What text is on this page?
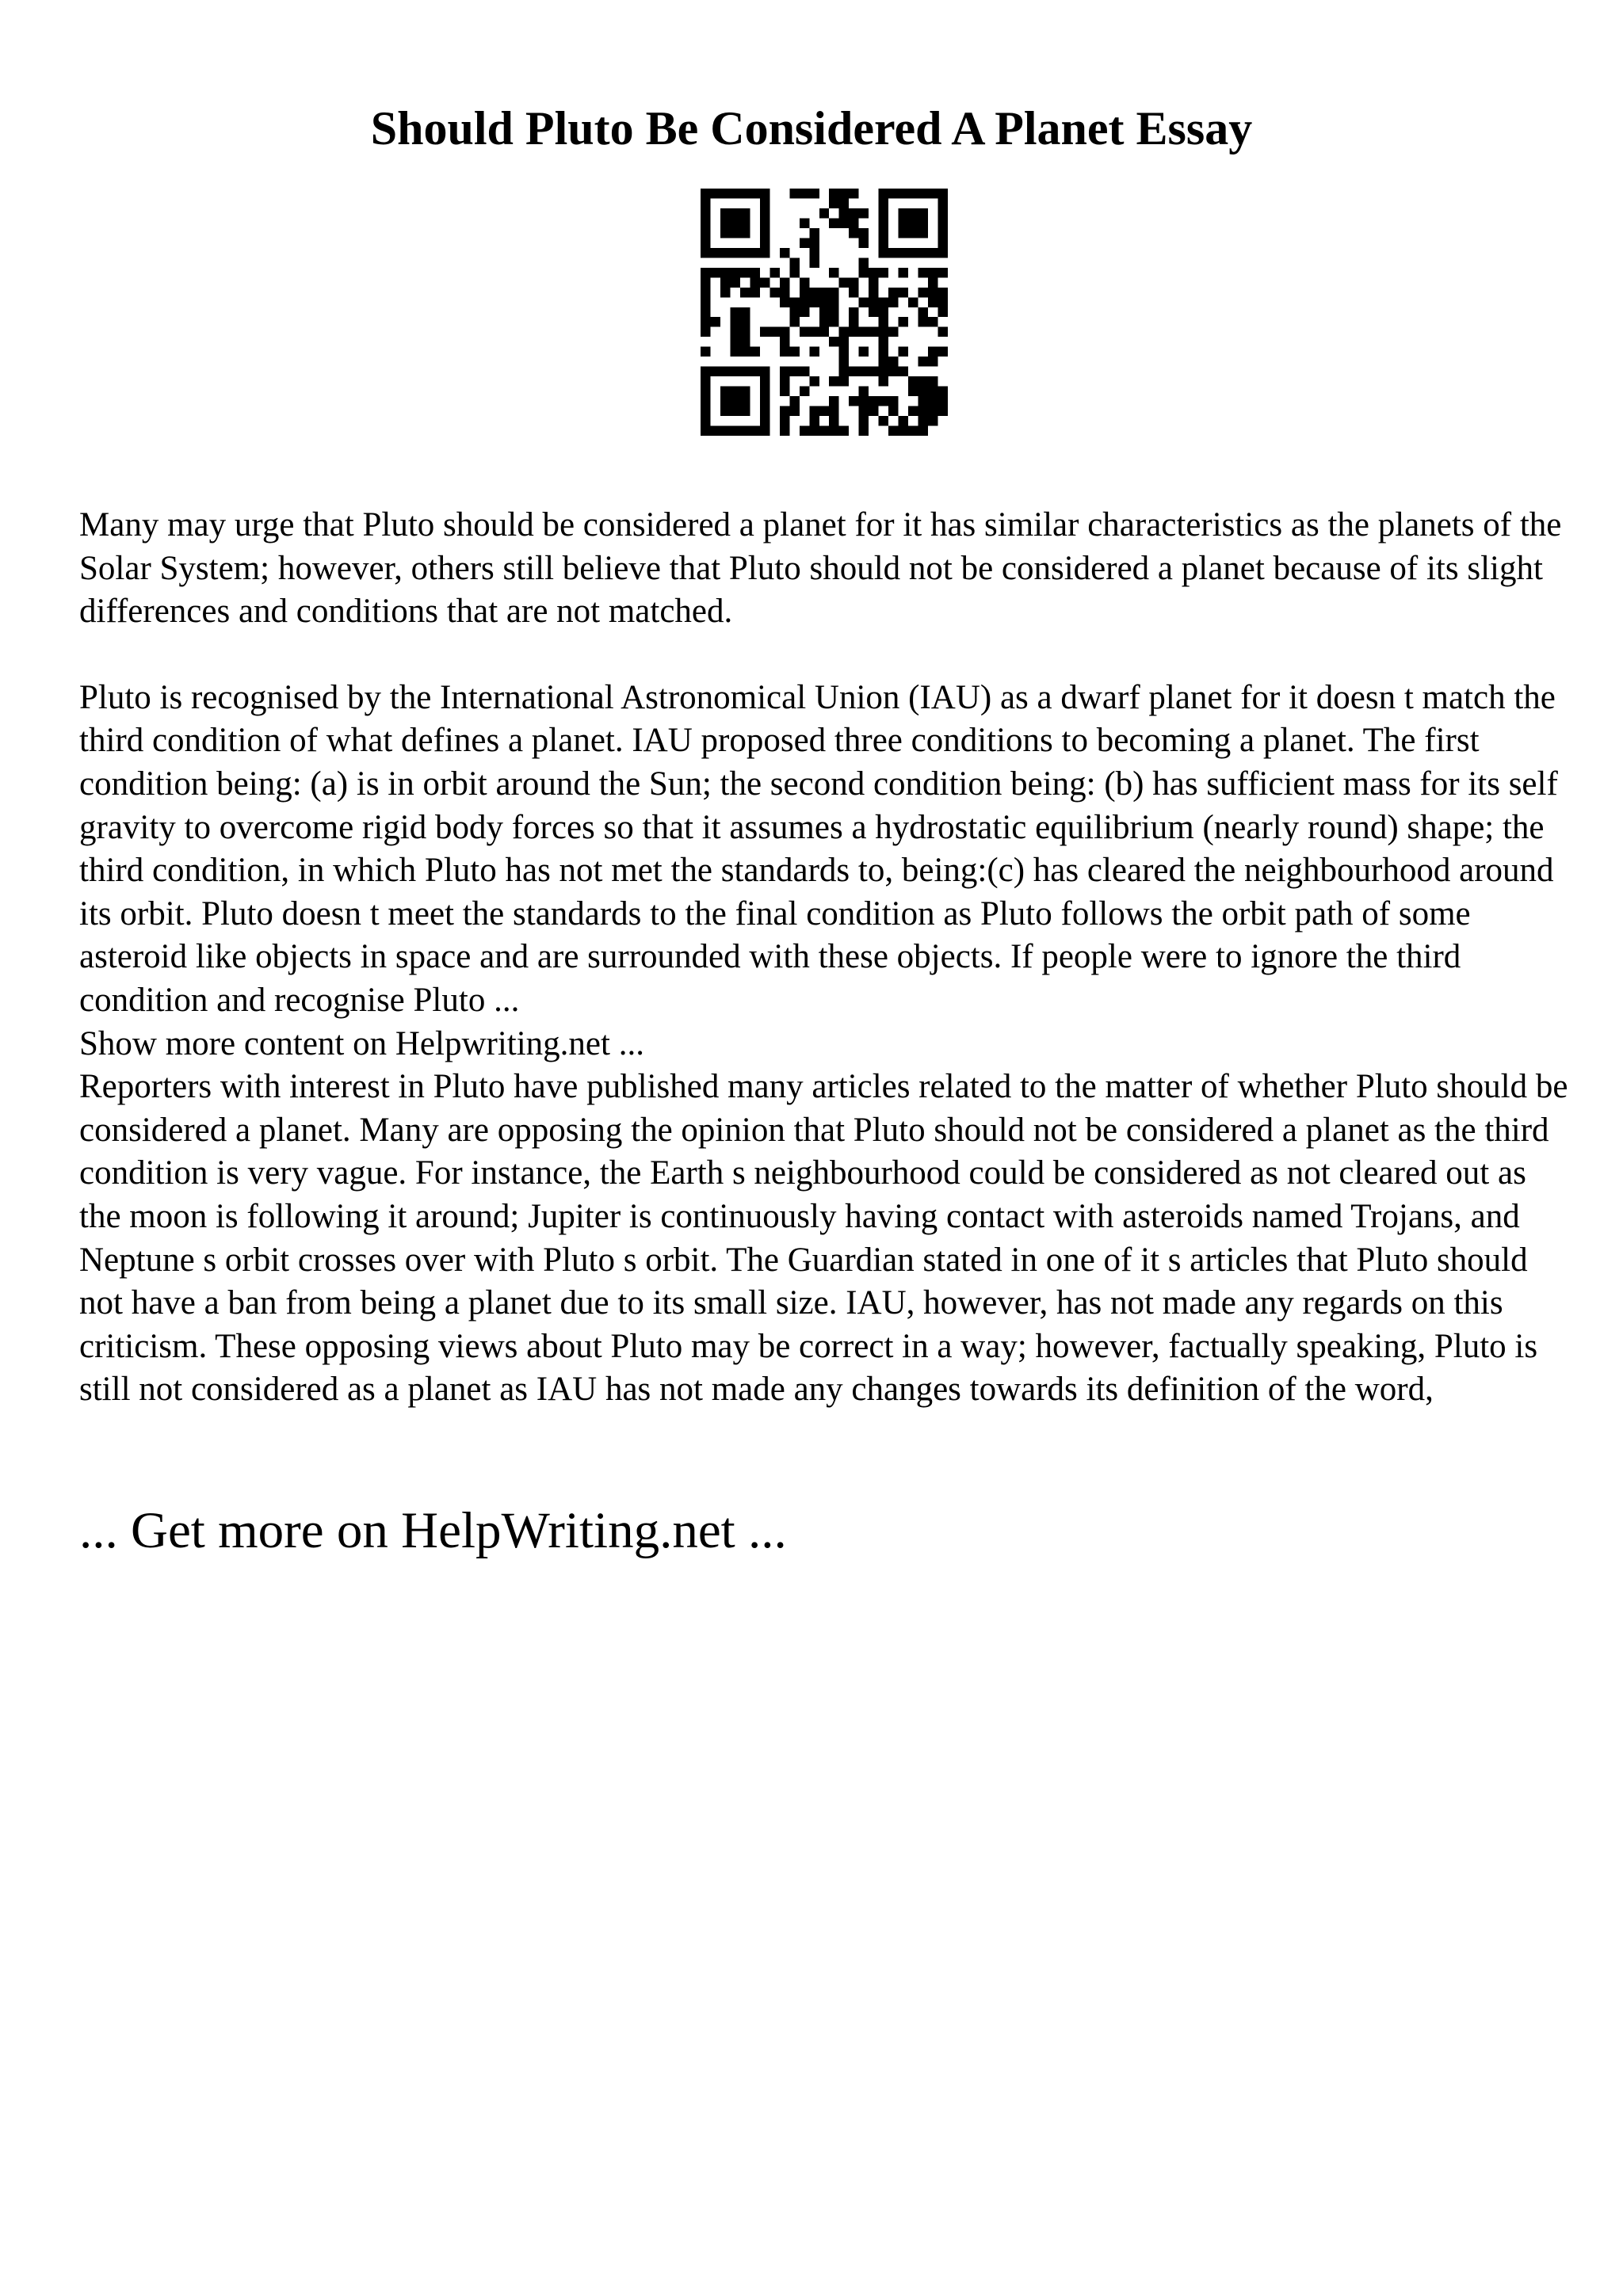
Should Pluto Be Considered A Planet Essay

Many may urge that Pluto should be considered a planet for it has similar characteristics as the planets of the Solar System; however, others still believe that Pluto should not be considered a planet because of its slight differences and conditions that are not matched.

Pluto is recognised by the International Astronomical Union (IAU) as a dwarf planet for it doesn t match the third condition of what defines a planet. IAU proposed three conditions to becoming a planet. The first condition being: (a) is in orbit around the Sun; the second condition being: (b) has sufficient mass for its self gravity to overcome rigid body forces so that it assumes a hydrostatic equilibrium (nearly round) shape; the third condition, in which Pluto has not met the standards to, being:(c) has cleared the neighbourhood around its orbit. Pluto doesn t meet the standards to the final condition as Pluto follows the orbit path of some asteroid like objects in space and are surrounded with these objects. If people were to ignore the third condition and recognise Pluto ...

Show more content on Helpwriting.net ...

Reporters with interest in Pluto have published many articles related to the matter of whether Pluto should be considered a planet. Many are opposing the opinion that Pluto should not be considered a planet as the third condition is very vague. For instance, the Earth s neighbourhood could be considered as not cleared out as the moon is following it around; Jupiter is continuously having contact with asteroids named Trojans, and Neptune s orbit crosses over with Pluto s orbit. The Guardian stated in one of it s articles that Pluto should not have a ban from being a planet due to its small size. IAU, however, has not made any regards on this criticism. These opposing views about Pluto may be correct in a way; however, factually speaking, Pluto is still not considered as a planet as IAU has not made any changes towards its definition of the word,

... Get more on HelpWriting.net ...
